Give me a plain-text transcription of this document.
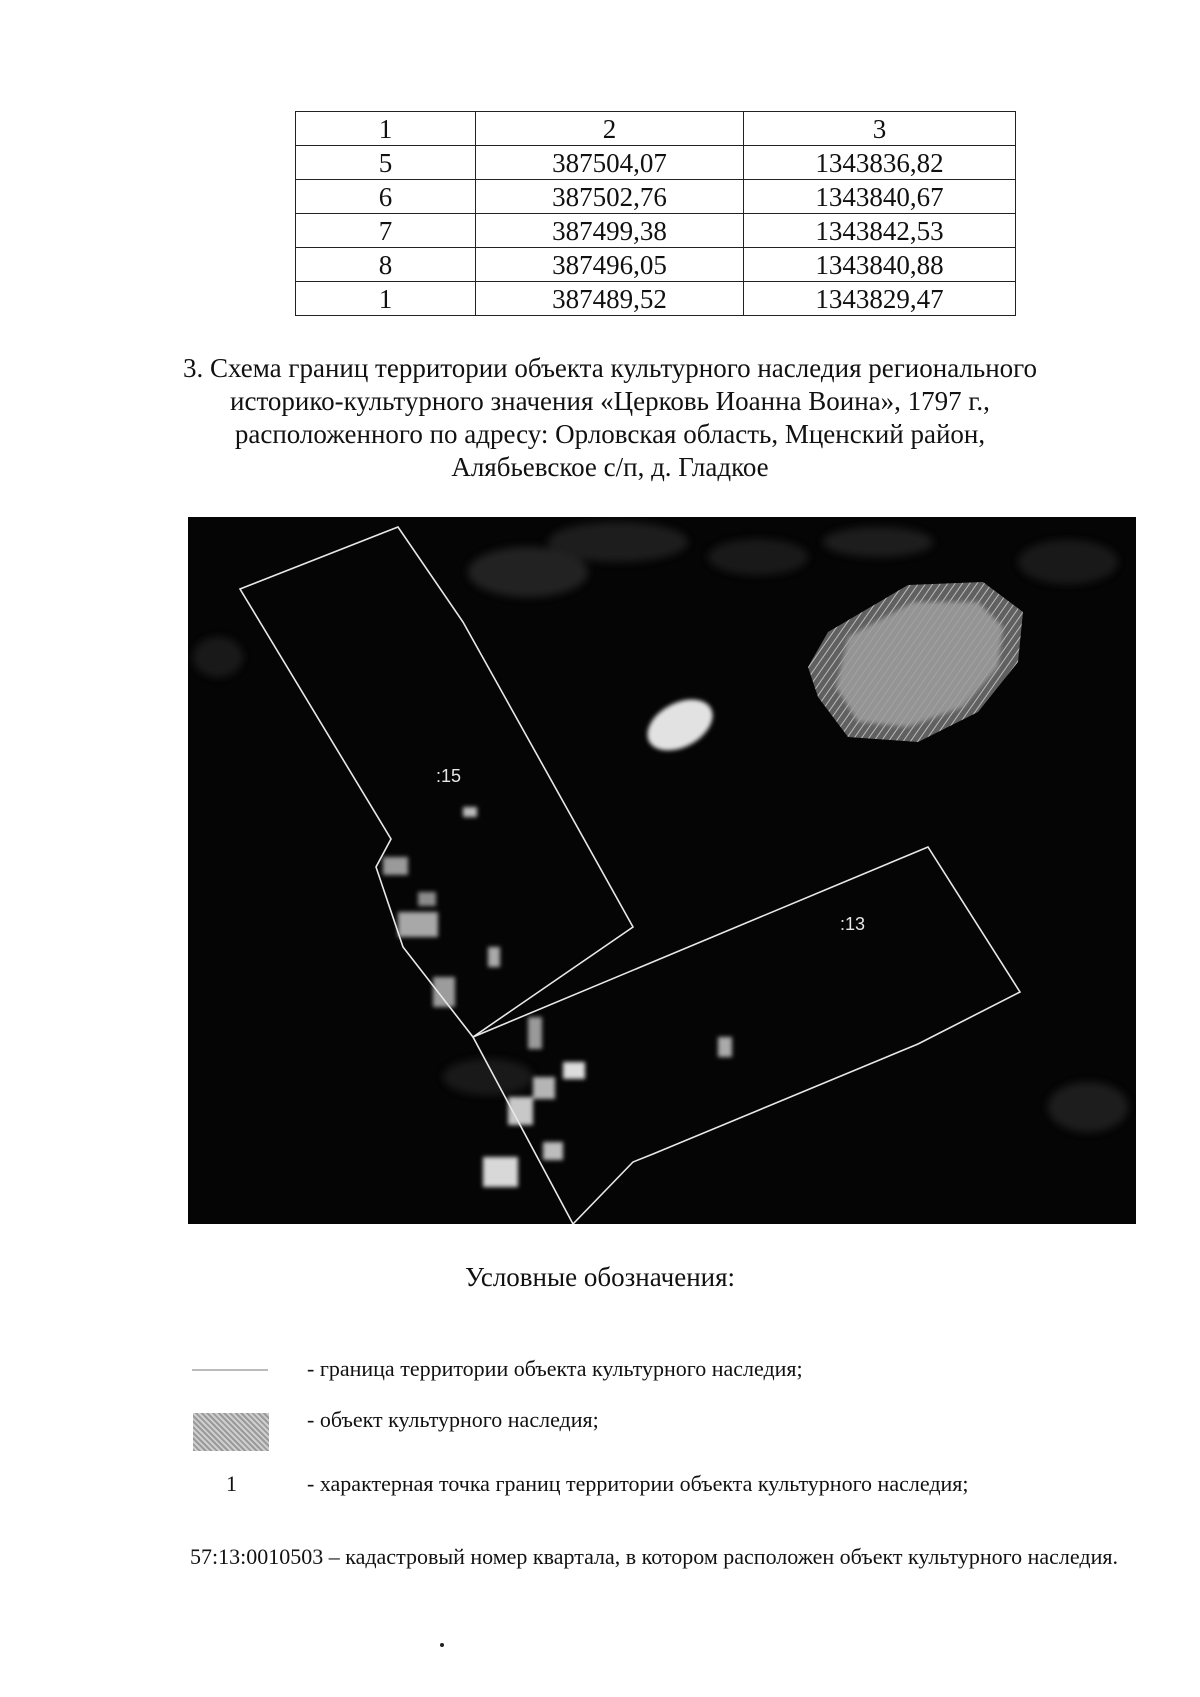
1	2	3
5	387504,07	1343836,82
6	387502,76	1343840,67
7	387499,38	1343842,53
8	387496,05	1343840,88
1	387489,52	1343829,47
3. Схема границ территории объекта культурного наследия регионального
историко-культурного значения «Церковь Иоанна Воина», 1797 г.,
расположенного по адресу: Орловская область, Мценский район,
Алябьевское с/п, д. Гладкое
:15
:13
Условные обозначения:
- граница территории объекта культурного наследия;
- объект культурного наследия;
1	- характерная точка границ территории объекта культурного наследия;
57:13:0010503 – кадастровый номер квартала, в котором расположен объект культурного наследия.
